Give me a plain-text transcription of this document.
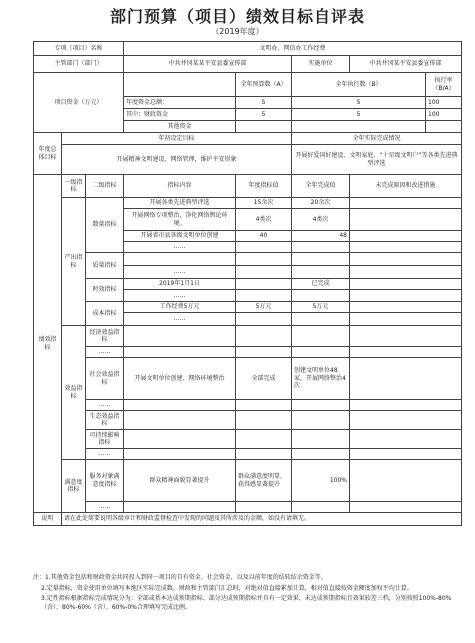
部门预算（项目）绩效目标自评表
（2019年度）
专项（项目）名称			文明办、网信办工作经费				
主管部门（部门）			中共井冈某某平安县委宣传部		实施单位	中共井冈某平安县委宣传部	
项目资金（万元）				全年预算数（A）	全年执行数（B）		执行率（B/A）
			年度资金总额：	5	5		100
			其中：财政资金	5	5		100
			其他资金				
年度总体目标	年初设定目标				全年实际完成情况		
	开展精神文明建设、网络管理，维护平安形象				开展好爱国好建设、文明家庭、“十星级文明户”等各类先进典型评选		
绩效指标	一级指标	二级指标	指标内容	年度指标值	全年完成值	未完成原因和改进措施	
	产出指标	数量指标	开展各类先进典型评选	15余次	20余次		
			开展网络专项整治，净化网络舆论环境。	4类次	4类次		
			开展省市县各级文明单位创建	40	48		
			……				
		质量指标					
			……				
		时效指标	2019年1月1日		已完成		
			……				
		成本指标	工作经费5万元	5万元	5万元		
			……				
	效益指标	经济效益指标					
		……					
		社会效益指标	开展文明单位创建、网络环境整治	全部完成	创建文明单位48家，开展网络整治4次		
		……					
		生态效益指标					
		可持续影响指标					
		……					
	满意度指标	服务对象满意度指标	群众精神面貌显著提升	群众满意度明显，获得感显著提升	100%		
		……					
说明	请在此处简要说明各级审计和财政监督检查中发现的问题及其所涉及的金额，如没有请填无。						
注：1.其他资金包括和财政资金共同投入到同一项目的自有资金、社会资金，以及以前年度的结转结余资金等。
2.定量指标，资金使用单位填写本地区实际完成数。财政和主管部门汇总时，对绝对值直接累加计算，相对值直接按资金额度加权平均计算。
3.定性指标根据指标完成情况分为：全部或基本达成预期指标、部分达成预期指标并具有一定效果、未达成预期指标且效果较差三档，分别按照100%-80%（含）、80%-60%（含）、60%-0%合理填写完成比例。
